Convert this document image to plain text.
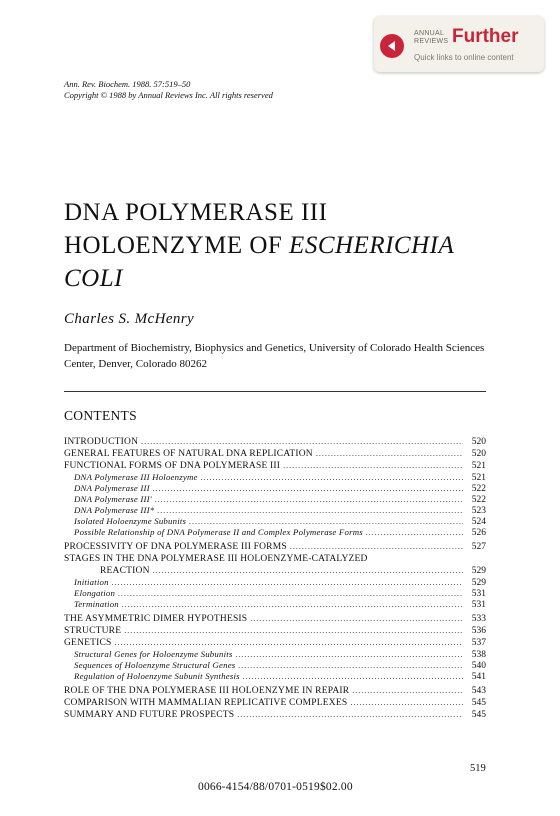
ANNUAL
REVIEWS Further
Quick links to online content
Ann. Rev. Biochem. 1988. 57:519–50
Copyright © 1988 by Annual Reviews Inc. All rights reserved
DNA POLYMERASE III
HOLOENZYME OF ESCHERICHIA
COLI
Charles S. McHenry
Department of Biochemistry, Biophysics and Genetics, University of Colorado Health Sciences Center, Denver, Colorado 80262
CONTENTS
INTRODUCTION .....	520
GENERAL FEATURES OF NATURAL DNA REPLICATION .....	520
FUNCTIONAL FORMS OF DNA POLYMERASE III .....	521
DNA Polymerase III Holoenzyme .....	521
DNA Polymerase III .....	522
DNA Polymerase III' .....	522
DNA Polymerase III* .....	523
Isolated Holoenzyme Subunits .....	524
Possible Relationship of DNA Polymerase II and Complex Polymerase Forms .....	526
PROCESSIVITY OF DNA POLYMERASE III FORMS .....	527
STAGES IN THE DNA POLYMERASE III HOLOENZYME-CATALYZED
REACTION .....	529
Initiation .....	529
Elongation .....	531
Termination .....	531
THE ASYMMETRIC DIMER HYPOTHESIS .....	533
STRUCTURE .....	536
GENETICS .....	537
Structural Genes for Holoenzyme Subunits .....	538
Sequences of Holoenzyme Structural Genes .....	540
Regulation of Holoenzyme Subunit Synthesis .....	541
ROLE OF THE DNA POLYMERASE III HOLOENZYME IN REPAIR .....	543
COMPARISON WITH MAMMALIAN REPLICATIVE COMPLEXES .....	545
SUMMARY AND FUTURE PROSPECTS .....	545
519
0066-4154/88/0701-0519$02.00
